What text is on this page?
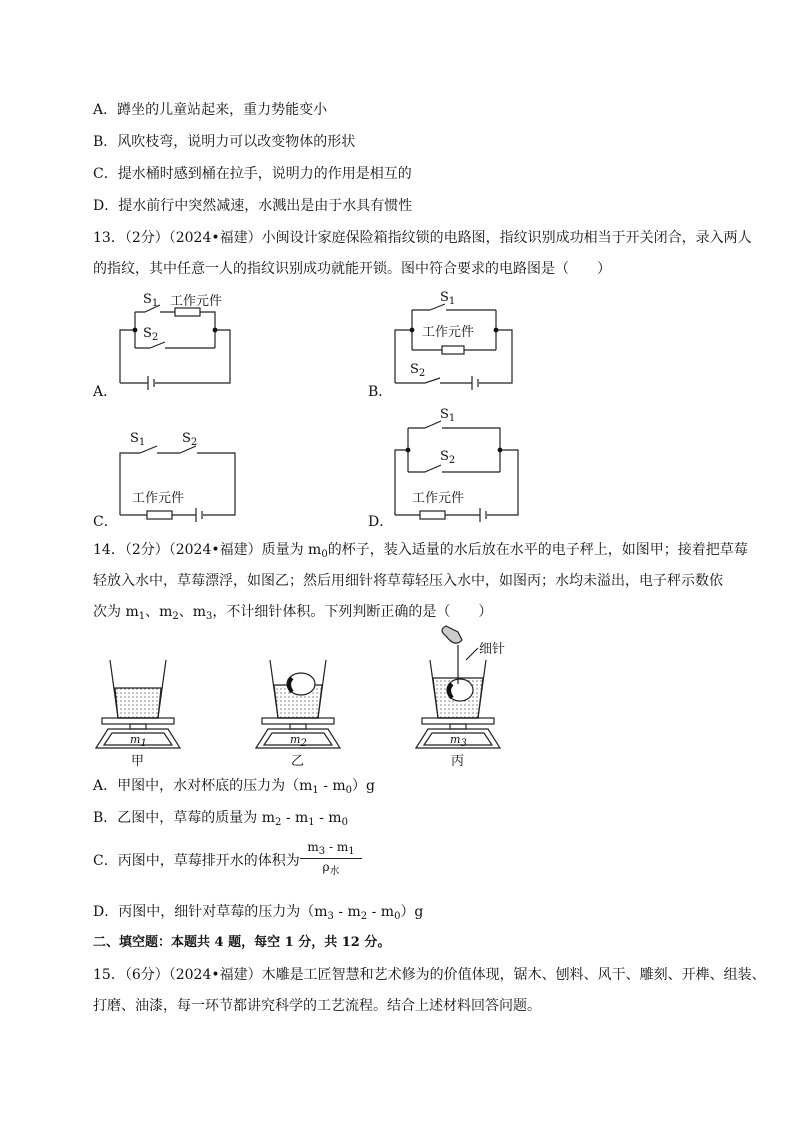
A．蹲坐的儿童站起来，重力势能变小
B．风吹枝弯，说明力可以改变物体的形状
C．提水桶时感到桶在拉手，说明力的作用是相互的
D．提水前行中突然减速，水溅出是由于水具有惯性
13．（2分）（2024•福建）小闽设计家庭保险箱指纹锁的电路图，指纹识别成功相当于开关闭合，录入两人
的指纹，其中任意一人的指纹识别成功就能开锁。图中符合要求的电路图是（　　）
$S_1$ 工作元件
$S_2$
A．
$S_1$
工作元件
$S_2$
B．
$S_1$	$S_2$
工作元件
C．
$S_1$
$S_2$
工作元件
D．
14．（2分）（2024•福建）质量为 $m_0$的杯子，装入适量的水后放在水平的电子秤上，如图甲；接着把草莓
轻放入水中，草莓漂浮，如图乙；然后用细针将草莓轻压入水中，如图丙；水均未溢出，电子秤示数依
次为 $m_1$、$m_2$、$m_3$，不计细针体积。下列判断正确的是（　　）
$m_1$	$m_2$	$m_3$
细针
甲	乙	丙
A．甲图中，水对杯底的压力为$(m_1 - m_0)g$
B．乙图中，草莓的质量为 $m_2 - m_1 - m_0$
C．丙图中，草莓排开水的体积为
$m_3 - m_1$
$\rho_水$
D．丙图中，细针对草莓的压力为$(m_3 - m_2 - m_0)g$
二、填空题：本题共 4 题，每空 1 分，共 12 分。
15．（6分）（2024•福建）木雕是工匠智慧和艺术修为的价值体现，锯木、刨料、风干、雕刻、开榫、组装、
打磨、油漆，每一环节都讲究科学的工艺流程。结合上述材料回答问题。
